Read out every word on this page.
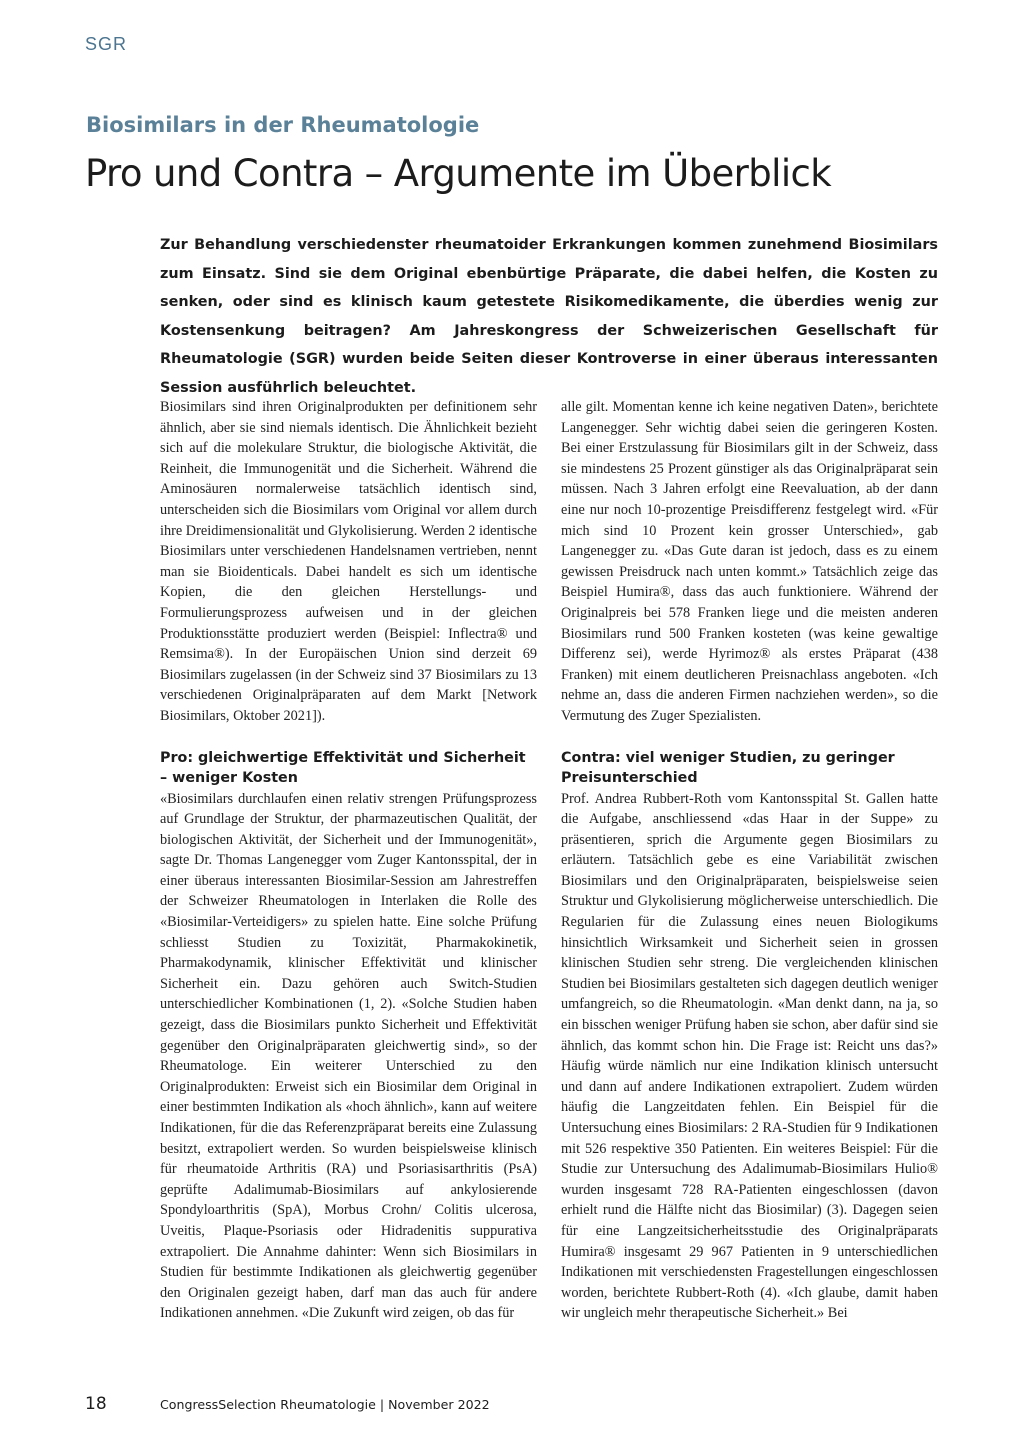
SGR
Biosimilars in der Rheumatologie
Pro und Contra – Argumente im Überblick

Zur Behandlung verschiedenster rheumatoider Erkrankungen kommen zunehmend Biosimilars zum Einsatz. Sind sie dem Original ebenbürtige Präparate, die dabei helfen, die Kosten zu senken, oder sind es klinisch kaum getestete Risikomedikamente, die überdies wenig zur Kostensenkung beitragen? Am Jahreskongress der Schweizerischen Gesellschaft für Rheumatologie (SGR) wurden beide Seiten dieser Kontroverse in einer überaus interessanten Session ausführlich beleuchtet.

Biosimilars sind ihren Originalprodukten per definitionem sehr ähnlich, aber sie sind niemals identisch. Die Ähnlichkeit bezieht sich auf die molekulare Struktur, die biologische Aktivität, die Reinheit, die Immunogenität und die Sicherheit. Während die Aminosäuren normalerweise tatsächlich identisch sind, unterscheiden sich die Biosimilars vom Original vor allem durch ihre Dreidimensionalität und Glykolisierung. Werden 2 identische Biosimilars unter verschiedenen Handelsnamen vertrieben, nennt man sie Bioidenticals. Dabei handelt es sich um identische Kopien, die den gleichen Herstellungs- und Formulierungsprozess aufweisen und in der gleichen Produktionsstätte produziert werden (Beispiel: Inflectra® und Remsima®). In der Europäischen Union sind derzeit 69 Biosimilars zugelassen (in der Schweiz sind 37 Biosimilars zu 13 verschiedenen Originalpräparaten auf dem Markt [Network Biosimilars, Oktober 2021]).

Pro: gleichwertige Effektivität und Sicherheit – weniger Kosten

«Biosimilars durchlaufen einen relativ strengen Prüfungsprozess auf Grundlage der Struktur, der pharmazeutischen Qualität, der biologischen Aktivität, der Sicherheit und der Immunogenität», sagte Dr. Thomas Langenegger vom Zuger Kantonsspital, der in einer überaus interessanten Biosimilar-Session am Jahrestreffen der Schweizer Rheumatologen in Interlaken die Rolle des «Biosimilar-Verteidigers» zu spielen hatte. Eine solche Prüfung schliesst Studien zu Toxizität, Pharmakokinetik, Pharmakodynamik, klinischer Effektivität und klinischer Sicherheit ein. Dazu gehören auch Switch-Studien unterschiedlicher Kombinationen (1, 2). «Solche Studien haben gezeigt, dass die Biosimilars punkto Sicherheit und Effektivität gegenüber den Originalpräparaten gleichwertig sind», so der Rheumatologe. Ein weiterer Unterschied zu den Originalprodukten: Erweist sich ein Biosimilar dem Original in einer bestimmten Indikation als «hoch ähnlich», kann auf weitere Indikationen, für die das Referenzpräparat bereits eine Zulassung besitzt, extrapoliert werden. So wurden beispielsweise klinisch für rheumatoide Arthritis (RA) und Psoriasisarthritis (PsA) geprüfte Adalimumab-Biosimilars auf ankylosierende Spondyloarthritis (SpA), Morbus Crohn/ Colitis ulcerosa, Uveitis, Plaque-Psoriasis oder Hidradenitis suppurativa extrapoliert. Die Annahme dahinter: Wenn sich Biosimilars in Studien für bestimmte Indikationen als gleichwertig gegenüber den Originalen gezeigt haben, darf man das auch für andere Indikationen annehmen. «Die Zukunft wird zeigen, ob das für

alle gilt. Momentan kenne ich keine negativen Daten», berichtete Langenegger. Sehr wichtig dabei seien die geringeren Kosten. Bei einer Erstzulassung für Biosimilars gilt in der Schweiz, dass sie mindestens 25 Prozent günstiger als das Originalpräparat sein müssen. Nach 3 Jahren erfolgt eine Reevaluation, ab der dann eine nur noch 10-prozentige Preisdifferenz festgelegt wird. «Für mich sind 10 Prozent kein grosser Unterschied», gab Langenegger zu. «Das Gute daran ist jedoch, dass es zu einem gewissen Preisdruck nach unten kommt.» Tatsächlich zeige das Beispiel Humira®, dass das auch funktioniere. Während der Originalpreis bei 578 Franken liege und die meisten anderen Biosimilars rund 500 Franken kosteten (was keine gewaltige Differenz sei), werde Hyrimoz® als erstes Präparat (438 Franken) mit einem deutlicheren Preisnachlass angeboten. «Ich nehme an, dass die anderen Firmen nachziehen werden», so die Vermutung des Zuger Spezialisten.

Contra: viel weniger Studien, zu geringer Preisunterschied

Prof. Andrea Rubbert-Roth vom Kantonsspital St. Gallen hatte die Aufgabe, anschliessend «das Haar in der Suppe» zu präsentieren, sprich die Argumente gegen Biosimilars zu erläutern. Tatsächlich gebe es eine Variabilität zwischen Biosimilars und den Originalpräparaten, beispielsweise seien Struktur und Glykolisierung möglicherweise unterschiedlich. Die Regularien für die Zulassung eines neuen Biologikums hinsichtlich Wirksamkeit und Sicherheit seien in grossen klinischen Studien sehr streng. Die vergleichenden klinischen Studien bei Biosimilars gestalteten sich dagegen deutlich weniger umfangreich, so die Rheumatologin. «Man denkt dann, na ja, so ein bisschen weniger Prüfung haben sie schon, aber dafür sind sie ähnlich, das kommt schon hin. Die Frage ist: Reicht uns das?» Häufig würde nämlich nur eine Indikation klinisch untersucht und dann auf andere Indikationen extrapoliert. Zudem würden häufig die Langzeitdaten fehlen. Ein Beispiel für die Untersuchung eines Biosimilars: 2 RA-Studien für 9 Indikationen mit 526 respektive 350 Patienten. Ein weiteres Beispiel: Für die Studie zur Untersuchung des Adalimumab-Biosimilars Hulio® wurden insgesamt 728 RA-Patienten eingeschlossen (davon erhielt rund die Hälfte nicht das Biosimilar) (3). Dagegen seien für eine Langzeitsicherheitsstudie des Originalpräparats Humira® insgesamt 29 967 Patienten in 9 unterschiedlichen Indikationen mit verschiedensten Fragestellungen eingeschlossen worden, berichtete Rubbert-Roth (4). «Ich glaube, damit haben wir ungleich mehr therapeutische Sicherheit.» Bei

18	CongressSelection Rheumatologie | November 2022
